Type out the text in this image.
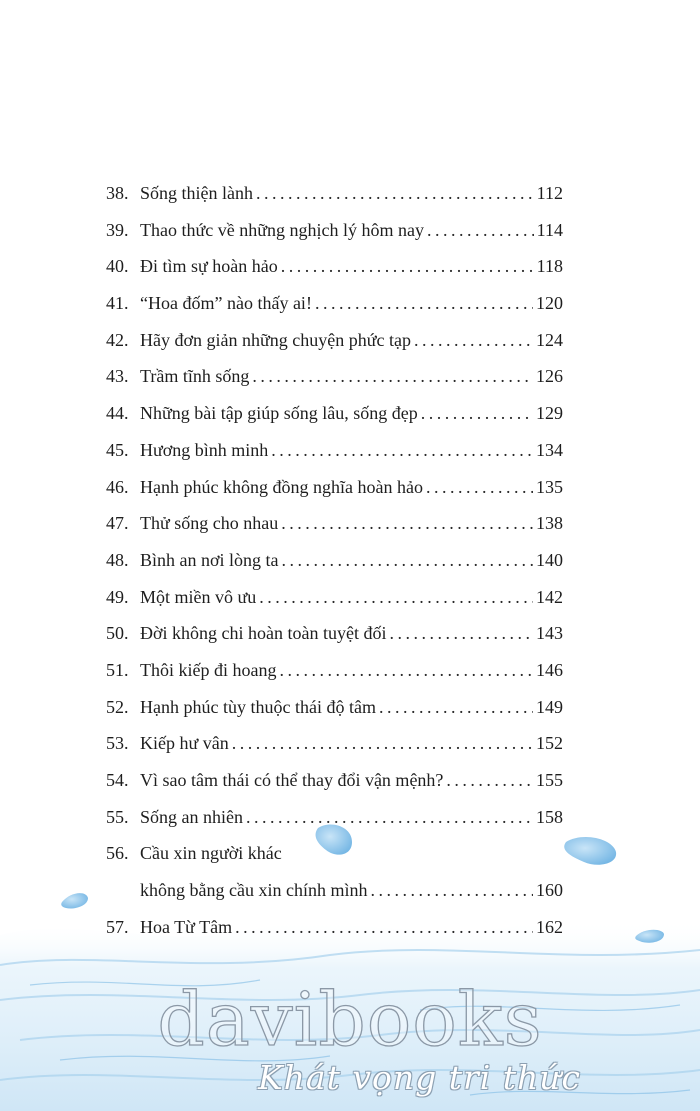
38. Sống thiện lành . . .	112
39. Thao thức về những nghịch lý hôm nay . . .	114
40. Đi tìm sự hoàn hảo . . .	118
41. “Hoa đốm” nào thấy ai! . . .	120
42. Hãy đơn giản những chuyện phức tạp . . .	124
43. Trầm tĩnh sống . . .	126
44. Những bài tập giúp sống lâu, sống đẹp . . .	129
45. Hương bình minh . . .	134
46. Hạnh phúc không đồng nghĩa hoàn hảo . . .	135
47. Thử sống cho nhau . . .	138
48. Bình an nơi lòng ta . . .	140
49. Một miền vô ưu . . .	142
50. Đời không chi hoàn toàn tuyệt đối . . .	143
51. Thôi kiếp đi hoang . . .	146
52. Hạnh phúc tùy thuộc thái độ tâm . . .	149
53. Kiếp hư vân . . .	152
54. Vì sao tâm thái có thể thay đổi vận mệnh? . . .	155
55. Sống an nhiên . . .	158
56. Cầu xin người khác
không bằng cầu xin chính mình . . .	160
57. Hoa Từ Tâm . . .	162
davibooks
Khát vọng tri thức
